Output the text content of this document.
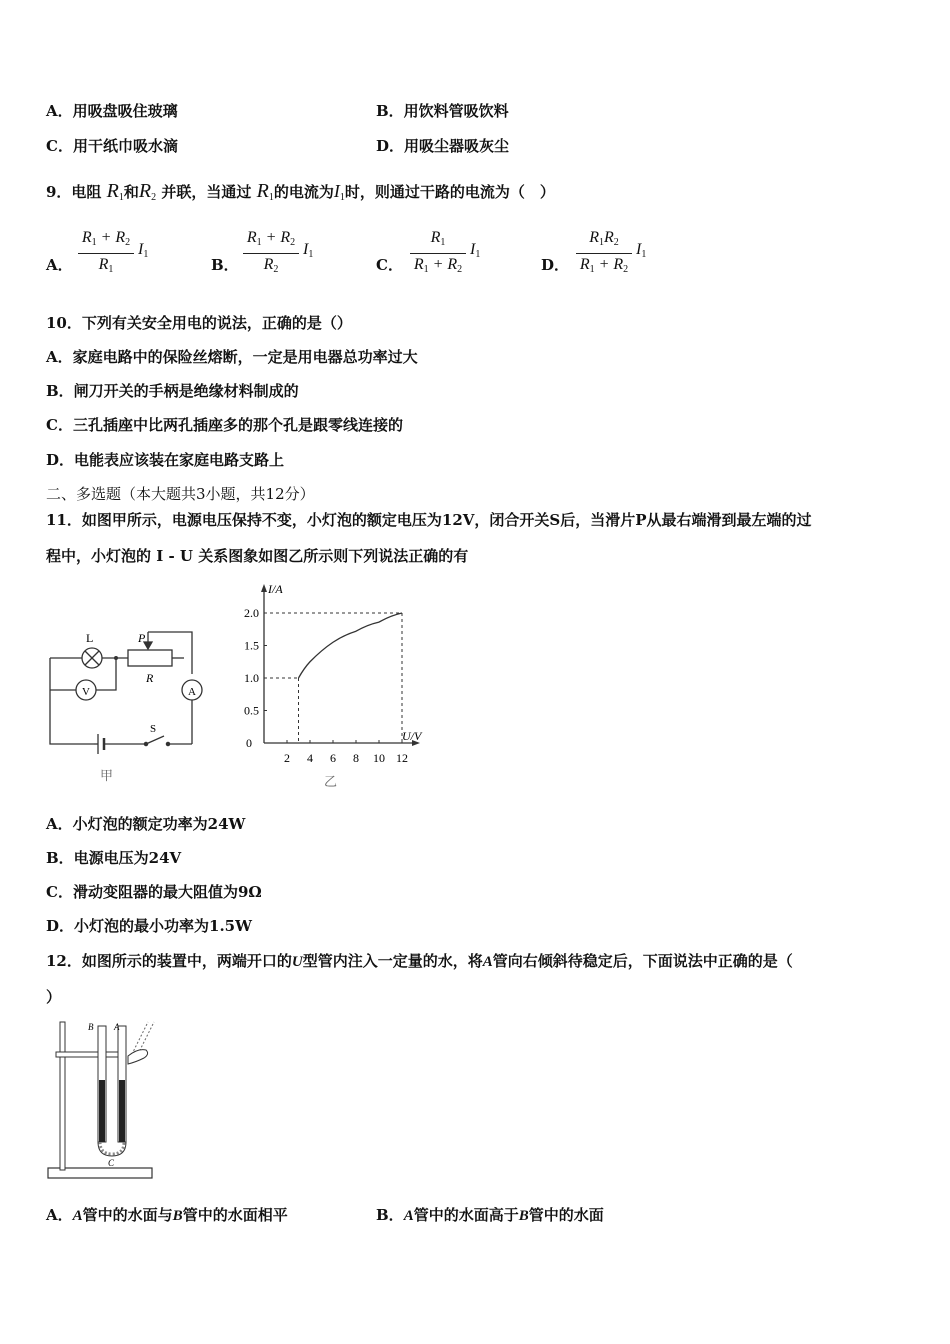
A．用吸盘吸住玻璃	B．用饮料管吸饮料
C．用干纸巾吸水滴	D．用吸尘器吸灰尘
9．电阻 $R_1$和$R_2$ 并联，当通过 $R_1$的电流为$I_1$时，则通过干路的电流为（　）
A．
$R_1 + R_2$
$R_1$
$I_1$
B．
$R_1 + R_2$
$R_2$
$I_1$
C．
$R_1$
$R_1 + R_2$
$I_1$
D．
$R_1R_2$
$R_1 + R_2$
$I_1$
10．下列有关安全用电的说法，正确的是（）
A．家庭电路中的保险丝熔断，一定是用电器总功率过大
B．闸刀开关的手柄是绝缘材料制成的
C．三孔插座中比两孔插座多的那个孔是跟零线连接的
D．电能表应该装在家庭电路支路上
二、多选题（本大题共3小题，共12分）
11．如图甲所示，电源电压保持不变，小灯泡的额定电压为12V，闭合开关S后，当滑片P从最右端滑到最左端的过
程中，小灯泡的 I - U 关系图象如图乙所示则下列说法正确的有
L	P
R
V	A
S
甲
I/A
U/V
0
乙
2 4 6 8 10 12
0.5
1.0
1.5
2.0
A．小灯泡的额定功率为24W
B．电源电压为24V
C．滑动变阻器的最大阻值为9Ω
D．小灯泡的最小功率为1.5W
12．如图所示的装置中，两端开口的U型管内注入一定量的水，将A管向右倾斜待稳定后，下面说法中正确的是（
）
B A
C
A．A管中的水面与B管中的水面相平	B．A管中的水面高于B管中的水面
